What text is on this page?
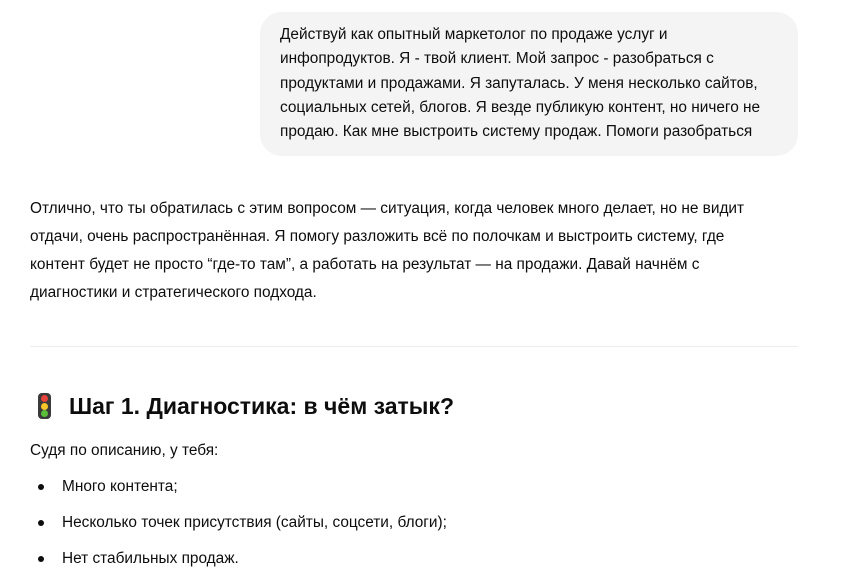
Действуй как опытный маркетолог по продаже услуг и
инфопродуктов. Я - твой клиент. Мой запрос - разобраться с
продуктами и продажами. Я запуталась. У меня несколько сайтов,
социальных сетей, блогов. Я везде публикую контент, но ничего не
продаю. Как мне выстроить систему продаж. Помоги разобраться

Отлично, что ты обратилась с этим вопросом — ситуация, когда человек много делает, но не видит
отдачи, очень распространённая. Я помогу разложить всё по полочкам и выстроить систему, где
контент будет не просто “где-то там”, а работать на результат — на продажи. Давай начнём с
диагностики и стратегического подхода.

Шаг 1. Диагностика: в чём затык?
Судя по описанию, у тебя:
Много контента;
Несколько точек присутствия (сайты, соцсети, блоги);
Нет стабильных продаж.
